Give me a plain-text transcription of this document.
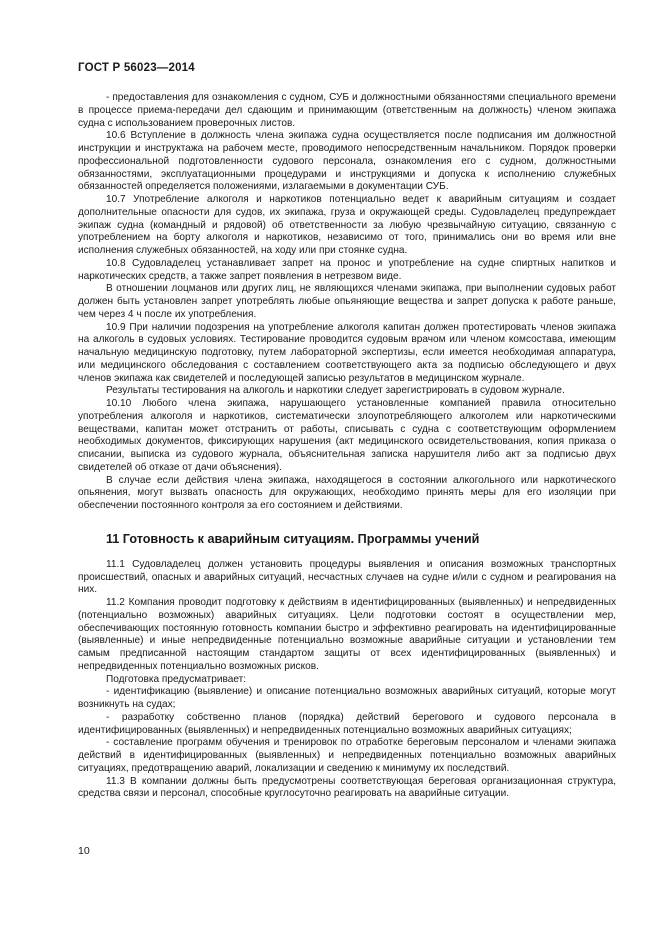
ГОСТ Р 56023—2014

- предоставления для ознакомления с судном, СУБ и должностными обязанностями специального времени в процессе приема-передачи дел сдающим и принимающим (ответственным на должность) членом экипажа судна с использованием проверочных листов.

10.6 Вступление в должность члена экипажа судна осуществляется после подписания им должностной инструкции и инструктажа на рабочем месте, проводимого непосредственным начальником. Порядок проверки профессиональной подготовленности судового персонала, ознакомления его с судном, должностными обязанностями, эксплуатационными процедурами и инструкциями и допуска к исполнению служебных обязанностей определяется положениями, излагаемыми в документации СУБ.

10.7 Употребление алкоголя и наркотиков потенциально ведет к аварийным ситуациям и создает дополнительные опасности для судов, их экипажа, груза и окружающей среды. Судовладелец предупреждает экипаж судна (командный и рядовой) об ответственности за любую чрезвычайную ситуацию, связанную с употреблением на борту алкоголя и наркотиков, независимо от того, принимались они во время или вне исполнения служебных обязанностей, на ходу или при стоянке судна.

10.8 Судовладелец устанавливает запрет на пронос и употребление на судне спиртных напитков и наркотических средств, а также запрет появления в нетрезвом виде.

В отношении лоцманов или других лиц, не являющихся членами экипажа, при выполнении судовых работ должен быть установлен запрет употреблять любые опьяняющие вещества и запрет допуска к работе раньше, чем через 4 ч после их употребления.

10.9 При наличии подозрения на употребление алкоголя капитан должен протестировать членов экипажа на алкоголь в судовых условиях. Тестирование проводится судовым врачом или членом комсостава, имеющим начальную медицинскую подготовку, путем лабораторной экспертизы, если имеется необходимая аппаратура, или медицинского обследования с составлением соответствующего акта за подписью обследующего и двух членов экипажа как свидетелей и последующей записью результатов в медицинском журнале.

Результаты тестирования на алкоголь и наркотики следует зарегистрировать в судовом журнале.

10.10 Любого члена экипажа, нарушающего установленные компанией правила относительно употребления алкоголя и наркотиков, систематически злоупотребляющего алкоголем или наркотическими веществами, капитан может отстранить от работы, списывать с судна с соответствующим оформлением необходимых документов, фиксирующих нарушения (акт медицинского освидетельствования, копия приказа о списании, выписка из судового журнала, объяснительная записка нарушителя либо акт за подписью двух свидетелей об отказе от дачи объяснения).

В случае если действия члена экипажа, находящегося в состоянии алкогольного или наркотического опьянения, могут вызвать опасность для окружающих, необходимо принять меры для его изоляции при обеспечении постоянного контроля за его состоянием и действиями.

11 Готовность к аварийным ситуациям. Программы учений

11.1 Судовладелец должен установить процедуры выявления и описания возможных транспортных происшествий, опасных и аварийных ситуаций, несчастных случаев на судне и/или с судном и реагирования на них.

11.2 Компания проводит подготовку к действиям в идентифицированных (выявленных) и непредвиденных (потенциально возможных) аварийных ситуациях. Цели подготовки состоят в осуществлении мер, обеспечивающих постоянную готовность компании быстро и эффективно реагировать на идентифицированные (выявленные) и иные непредвиденные потенциально возможные аварийные ситуации и установлении тем самым предписанной настоящим стандартом защиты от всех идентифицированных (выявленных) и непредвиденных потенциально возможных рисков.

Подготовка предусматривает:

- идентификацию (выявление) и описание потенциально возможных аварийных ситуаций, которые могут возникнуть на судах;

- разработку собственно планов (порядка) действий берегового и судового персонала в идентифицированных (выявленных) и непредвиденных потенциально возможных аварийных ситуациях;

- составление программ обучения и тренировок по отработке береговым персоналом и членами экипажа действий в идентифицированных (выявленных) и непредвиденных потенциально возможных аварийных ситуациях, предотвращению аварий, локализации и сведению к минимуму их последствий.

11.3 В компании должны быть предусмотрены соответствующая береговая организационная структура, средства связи и персонал, способные круглосуточно реагировать на аварийные ситуации.

10
